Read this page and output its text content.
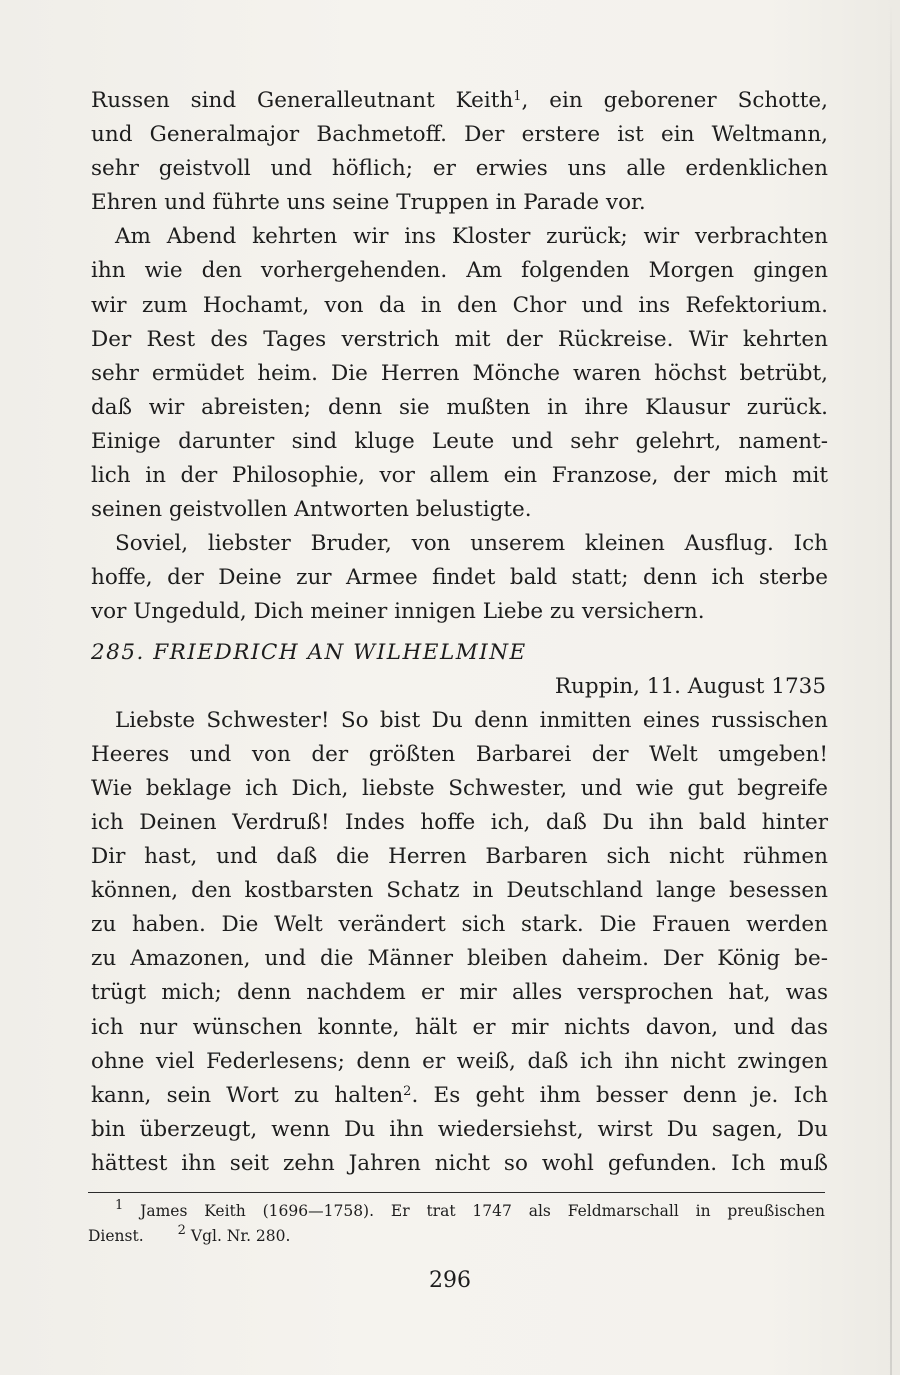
Russen sind Generalleutnant Keith$^1$, ein geborener Schotte,
und Generalmajor Bachmetoff. Der erstere ist ein Weltmann,
sehr geistvoll und höflich; er erwies uns alle erdenklichen
Ehren und führte uns seine Truppen in Parade vor.
Am Abend kehrten wir ins Kloster zurück; wir verbrachten
ihn wie den vorhergehenden. Am folgenden Morgen gingen
wir zum Hochamt, von da in den Chor und ins Refektorium.
Der Rest des Tages verstrich mit der Rückreise. Wir kehrten
sehr ermüdet heim. Die Herren Mönche waren höchst betrübt,
daß wir abreisten; denn sie mußten in ihre Klausur zurück.
Einige darunter sind kluge Leute und sehr gelehrt, nament-
lich in der Philosophie, vor allem ein Franzose, der mich mit
seinen geistvollen Antworten belustigte.
Soviel, liebster Bruder, von unserem kleinen Ausflug. Ich
hoffe, der Deine zur Armee findet bald statt; denn ich sterbe
vor Ungeduld, Dich meiner innigen Liebe zu versichern.
285. FRIEDRICH AN WILHELMINE
Ruppin, 11. August 1735
Liebste Schwester! So bist Du denn inmitten eines russischen
Heeres und von der größten Barbarei der Welt umgeben!
Wie beklage ich Dich, liebste Schwester, und wie gut begreife
ich Deinen Verdruß! Indes hoffe ich, daß Du ihn bald hinter
Dir hast, und daß die Herren Barbaren sich nicht rühmen
können, den kostbarsten Schatz in Deutschland lange besessen
zu haben. Die Welt verändert sich stark. Die Frauen werden
zu Amazonen, und die Männer bleiben daheim. Der König be-
trügt mich; denn nachdem er mir alles versprochen hat, was
ich nur wünschen konnte, hält er mir nichts davon, und das
ohne viel Federlesens; denn er weiß, daß ich ihn nicht zwingen
kann, sein Wort zu halten$^2$. Es geht ihm besser denn je. Ich
bin überzeugt, wenn Du ihn wiedersiehst, wirst Du sagen, Du
hättest ihn seit zehn Jahren nicht so wohl gefunden. Ich muß
$^1$ James Keith (1696—1758). Er trat 1747 als Feldmarschall in preußischen
Dienst.	$^2$ Vgl. Nr. 280.
296
